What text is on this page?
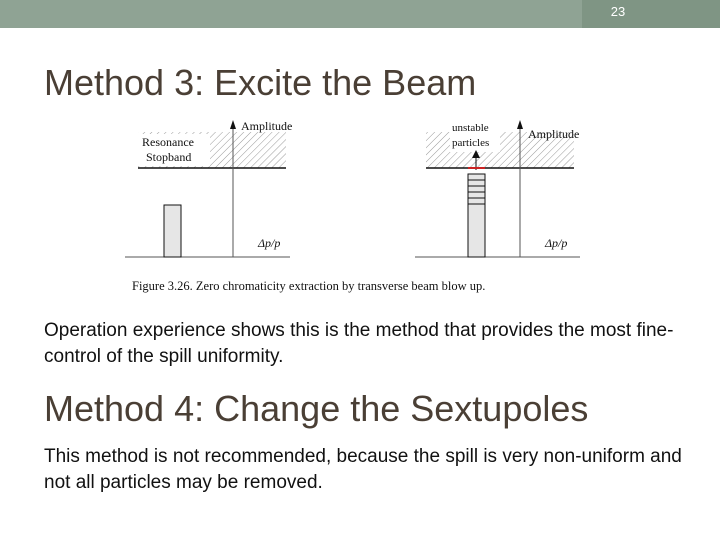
23
Method 3: Excite the Beam
Resonance
Stopband
Amplitude
Δp/p
unstable
particles
Amplitude
Δp/p
Figure 3.26. Zero chromaticity extraction by transverse beam blow up.
Operation experience shows this is the method that provides the most fine-control of the spill uniformity.
Method 4: Change the Sextupoles
This method is not recommended, because the spill is very non-uniform and not all particles may be removed.
